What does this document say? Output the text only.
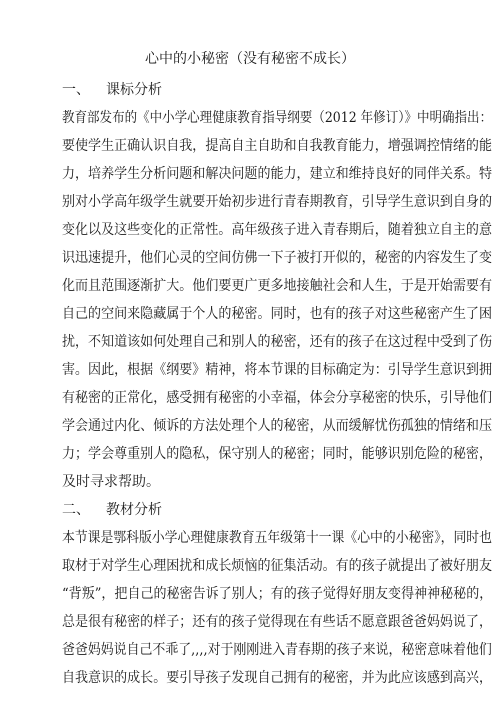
心中的小秘密（没有秘密不成长）
一、 课标分析
教育部发布的《中小学心理健康教育指导纲要（2012 年修订）》中明确指出：
要使学生正确认识自我，提高自主自助和自我教育能力，增强调控情绪的能
力，培养学生分析问题和解决问题的能力，建立和维持良好的同伴关系。特
别对小学高年级学生就要开始初步进行青春期教育，引导学生意识到自身的
变化以及这些变化的正常性。高年级孩子进入青春期后，随着独立自主的意
识迅速提升，他们心灵的空间仿佛一下子被打开似的，秘密的内容发生了变
化而且范围逐渐扩大。他们要更广更多地接触社会和人生，于是开始需要有
自己的空间来隐藏属于个人的秘密。同时，也有的孩子对这些秘密产生了困
扰，不知道该如何处理自己和别人的秘密，还有的孩子在这过程中受到了伤
害。因此，根据《纲要》精神，将本节课的目标确定为：引导学生意识到拥
有秘密的正常化，感受拥有秘密的小幸福，体会分享秘密的快乐，引导他们
学会通过内化、倾诉的方法处理个人的秘密，从而缓解忧伤孤独的情绪和压
力；学会尊重别人的隐私，保守别人的秘密；同时，能够识别危险的秘密，
及时寻求帮助。
二、 教材分析
本节课是鄂科版小学心理健康教育五年级第十一课《心中的小秘密》，同时也
取材于对学生心理困扰和成长烦恼的征集活动。有的孩子就提出了被好朋友
“背叛”，把自己的秘密告诉了别人；有的孩子觉得好朋友变得神神秘秘的，
总是很有秘密的样子；还有的孩子觉得现在有些话不愿意跟爸爸妈妈说了，
爸爸妈妈说自己不乖了,,,,对于刚刚进入青春期的孩子来说，秘密意味着他们
自我意识的成长。要引导孩子发现自己拥有的秘密，并为此应该感到高兴，
